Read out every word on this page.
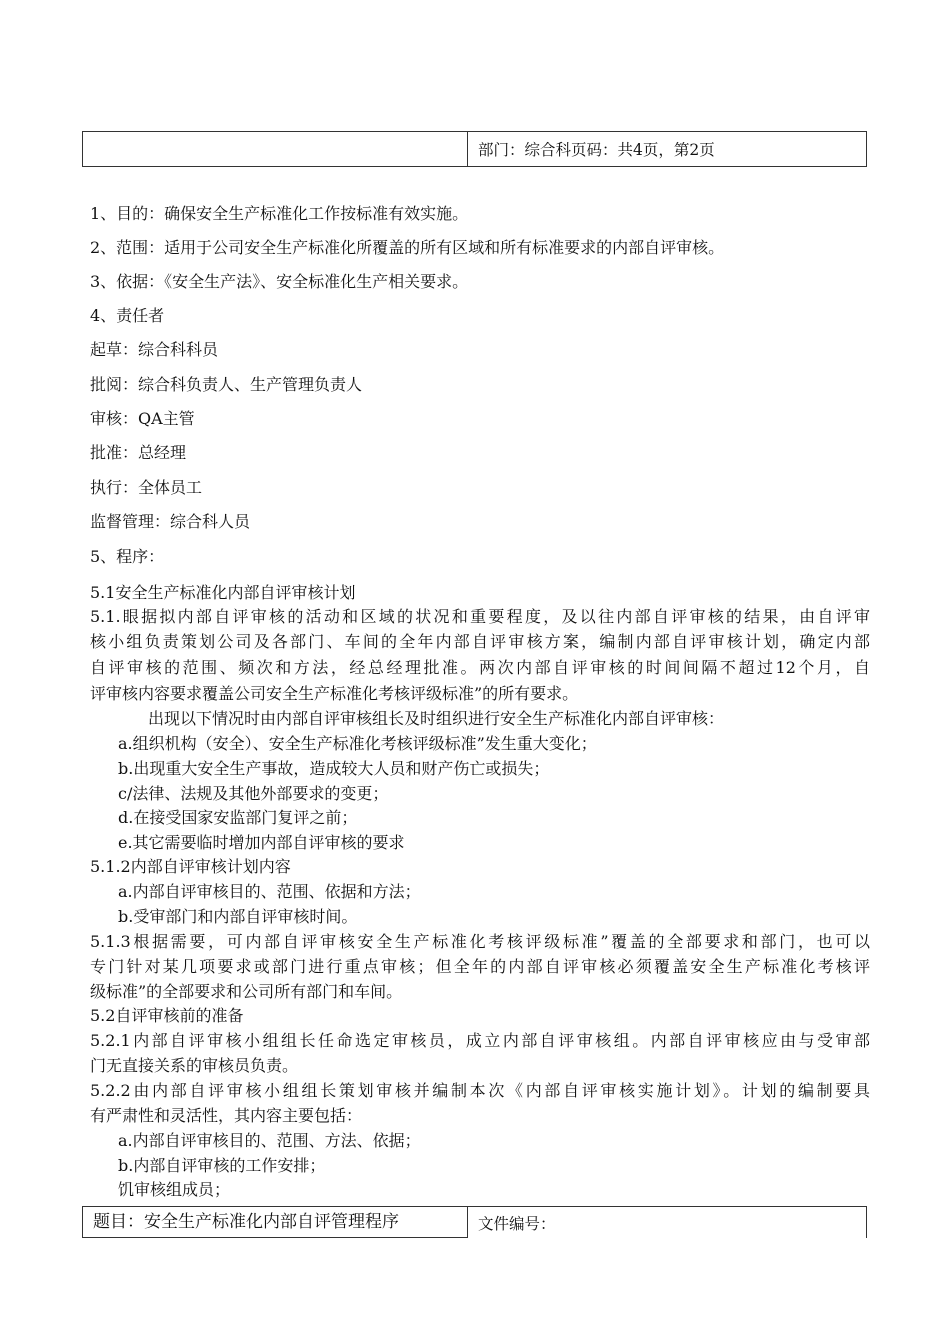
部门：综合科页码：共4页，第2页
1、目的：确保安全生产标准化工作按标准有效实施。
2、范围：适用于公司安全生产标准化所覆盖的所有区域和所有标准要求的内部自评审核。
3、依据：《安全生产法》、安全标准化生产相关要求。
4、责任者
起草：综合科科员
批阅：综合科负责人、生产管理负责人
审核：QA主管
批准：总经理
执行：全体员工
监督管理：综合科人员
5、程序：
5.1安全生产标准化内部自评审核计划
5.1.眼据拟内部自评审核的活动和区域的状况和重要程度，及以往内部自评审核的结果，由自评审
核小组负责策划公司及各部门、车间的全年内部自评审核方案，编制内部自评审核计划，确定内部
自评审核的范围、频次和方法，经总经理批准。两次内部自评审核的时间间隔不超过12个月，自
评审核内容要求覆盖公司安全生产标准化考核评级标准”的所有要求。
出现以下情况时由内部自评审核组长及时组织进行安全生产标准化内部自评审核：
a.组织机构（安全）、安全生产标准化考核评级标准”发生重大变化；
b.出现重大安全生产事故，造成较大人员和财产伤亡或损失；
c/法律、法规及其他外部要求的变更；
d.在接受国家安监部门复评之前；
e.其它需要临时增加内部自评审核的要求
5.1.2内部自评审核计划内容
a.内部自评审核目的、范围、依据和方法；
b.受审部门和内部自评审核时间。
5.1.3根据需要，可内部自评审核安全生产标准化考核评级标准”覆盖的全部要求和部门，也可以
专门针对某几项要求或部门进行重点审核；但全年的内部自评审核必须覆盖安全生产标准化考核评
级标准”的全部要求和公司所有部门和车间。
5.2自评审核前的准备
5.2.1内部自评审核小组组长任命选定审核员，成立内部自评审核组。内部自评审核应由与受审部
门无直接关系的审核员负责。
5.2.2由内部自评审核小组组长策划审核并编制本次《内部自评审核实施计划》。计划的编制要具
有严肃性和灵活性，其内容主要包括：
a.内部自评审核目的、范围、方法、依据；
b.内部自评审核的工作安排；
饥审核组成员；
题目：安全生产标准化内部自评管理程序	文件编号：
